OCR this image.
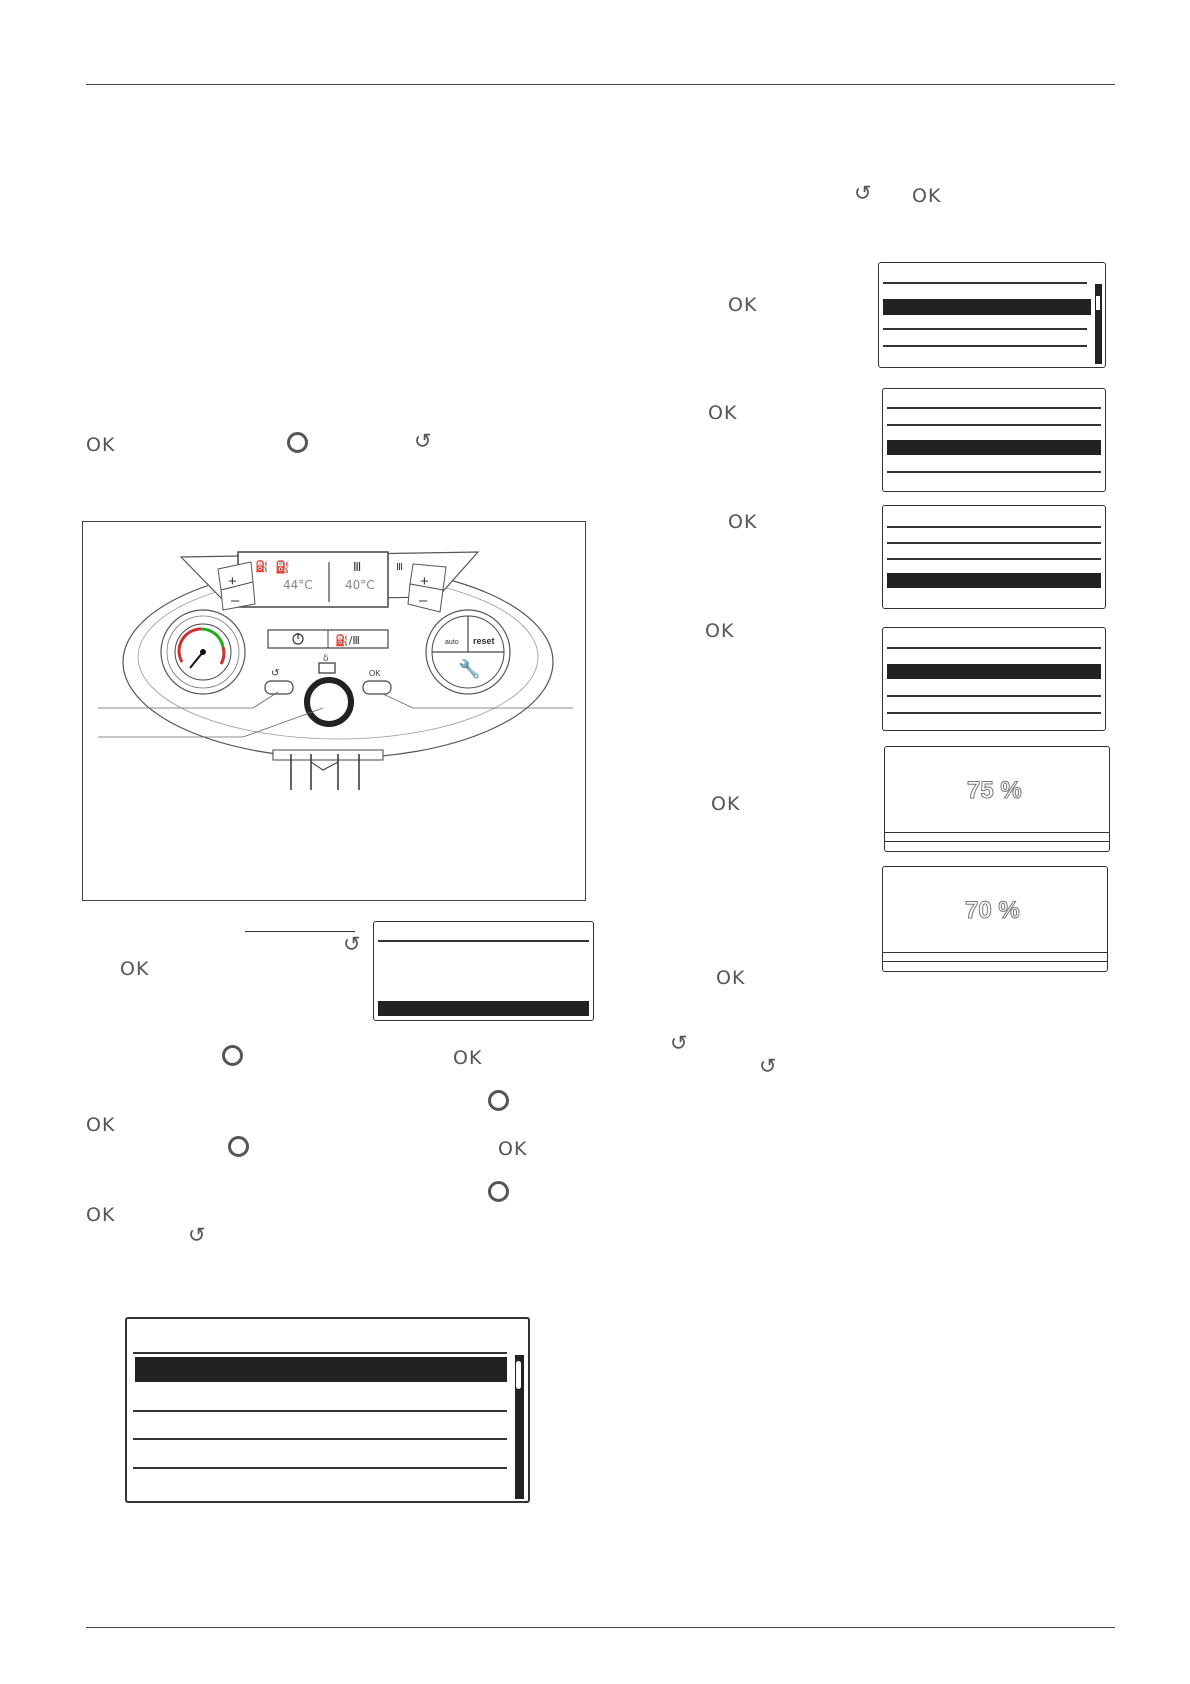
OK	↺
⛽	Ⅲ
44°C	40°C
+
–
⛽
+
–
Ⅲ
⛽/Ⅲ
δ
auto reset
🔧
↺	OK
↺
OK
OK
OK
OK
OK
↺
↺ OK
OK
OK
OK
OK
OK	75 %
70 %
OK
↺
↺
